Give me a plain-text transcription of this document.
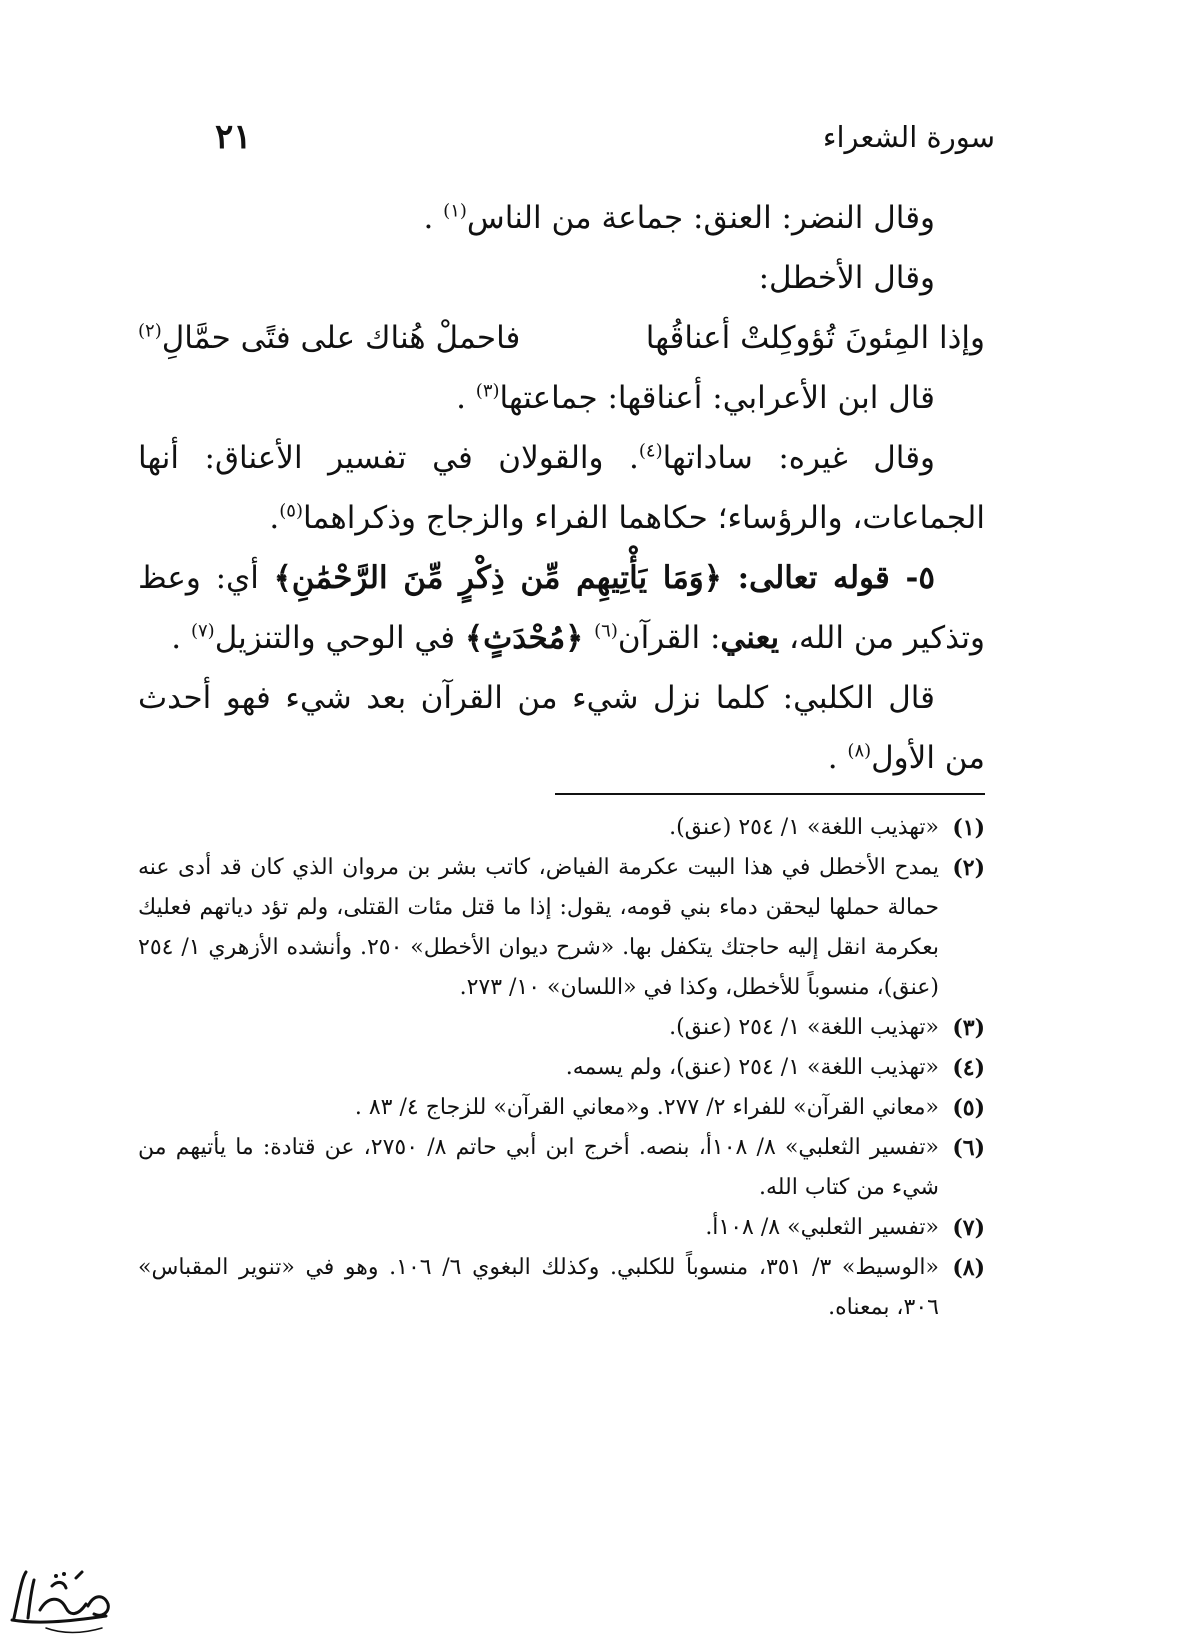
سورة الشعراء
٢١

وقال النضر: العنق: جماعة من الناس$^{(١)}$ .

وقال الأخطل:

وإذا المِئونَ تُؤوكِلتْ أعناقُها
فاحملْ هُناك على فتًى حمَّالِ$^{(٢)}$

قال ابن الأعرابي: أعناقها: جماعتها$^{(٣)}$ .

وقال غيره: ساداتها$^{(٤)}$. والقولان في تفسير الأعناق: أنها الجماعات، والرؤساء؛ حكاهما الفراء والزجاج وذكراهما$^{(٥)}$.

٥- قوله تعالى: ﴿وَمَا يَأْتِيهِم مِّن ذِكْرٍ مِّنَ الرَّحْمَٰنِ﴾ أي: وعظ وتذكير من الله، يعني: القرآن$^{(٦)}$ ﴿مُحْدَثٍ﴾ في الوحي والتنزيل$^{(٧)}$ .

قال الكلبي: كلما نزل شيء من القرآن بعد شيء فهو أحدث من الأول$^{(٨)}$ .

(١)
«تهذيب اللغة» ١/ ٢٥٤ (عنق).
(٢)
يمدح الأخطل في هذا البيت عكرمة الفياض، كاتب بشر بن مروان الذي كان قد أدى عنه حمالة حملها ليحقن دماء بني قومه، يقول: إذا ما قتل مئات القتلى، ولم تؤد دياتهم فعليك بعكرمة انقل إليه حاجتك يتكفل بها. «شرح ديوان الأخطل» ٢٥٠. وأنشده الأزهري ١/ ٢٥٤ (عنق)، منسوباً للأخطل، وكذا في «اللسان» ١٠/ ٢٧٣.
(٣)
«تهذيب اللغة» ١/ ٢٥٤ (عنق).
(٤)
«تهذيب اللغة» ١/ ٢٥٤ (عنق)، ولم يسمه.
(٥)
«معاني القرآن» للفراء ٢/ ٢٧٧. و«معاني القرآن» للزجاج ٤/ ٨٣ .
(٦)
«تفسير الثعلبي» ٨/ ١٠٨أ، بنصه. أخرج ابن أبي حاتم ٨/ ٢٧٥٠، عن قتادة: ما يأتيهم من شيء من كتاب الله.
(٧)
«تفسير الثعلبي» ٨/ ١٠٨أ.
(٨)
«الوسيط» ٣/ ٣٥١، منسوباً للكلبي. وكذلك البغوي ٦/ ١٠٦. وهو في «تنوير المقباس» ٣٠٦، بمعناه.
